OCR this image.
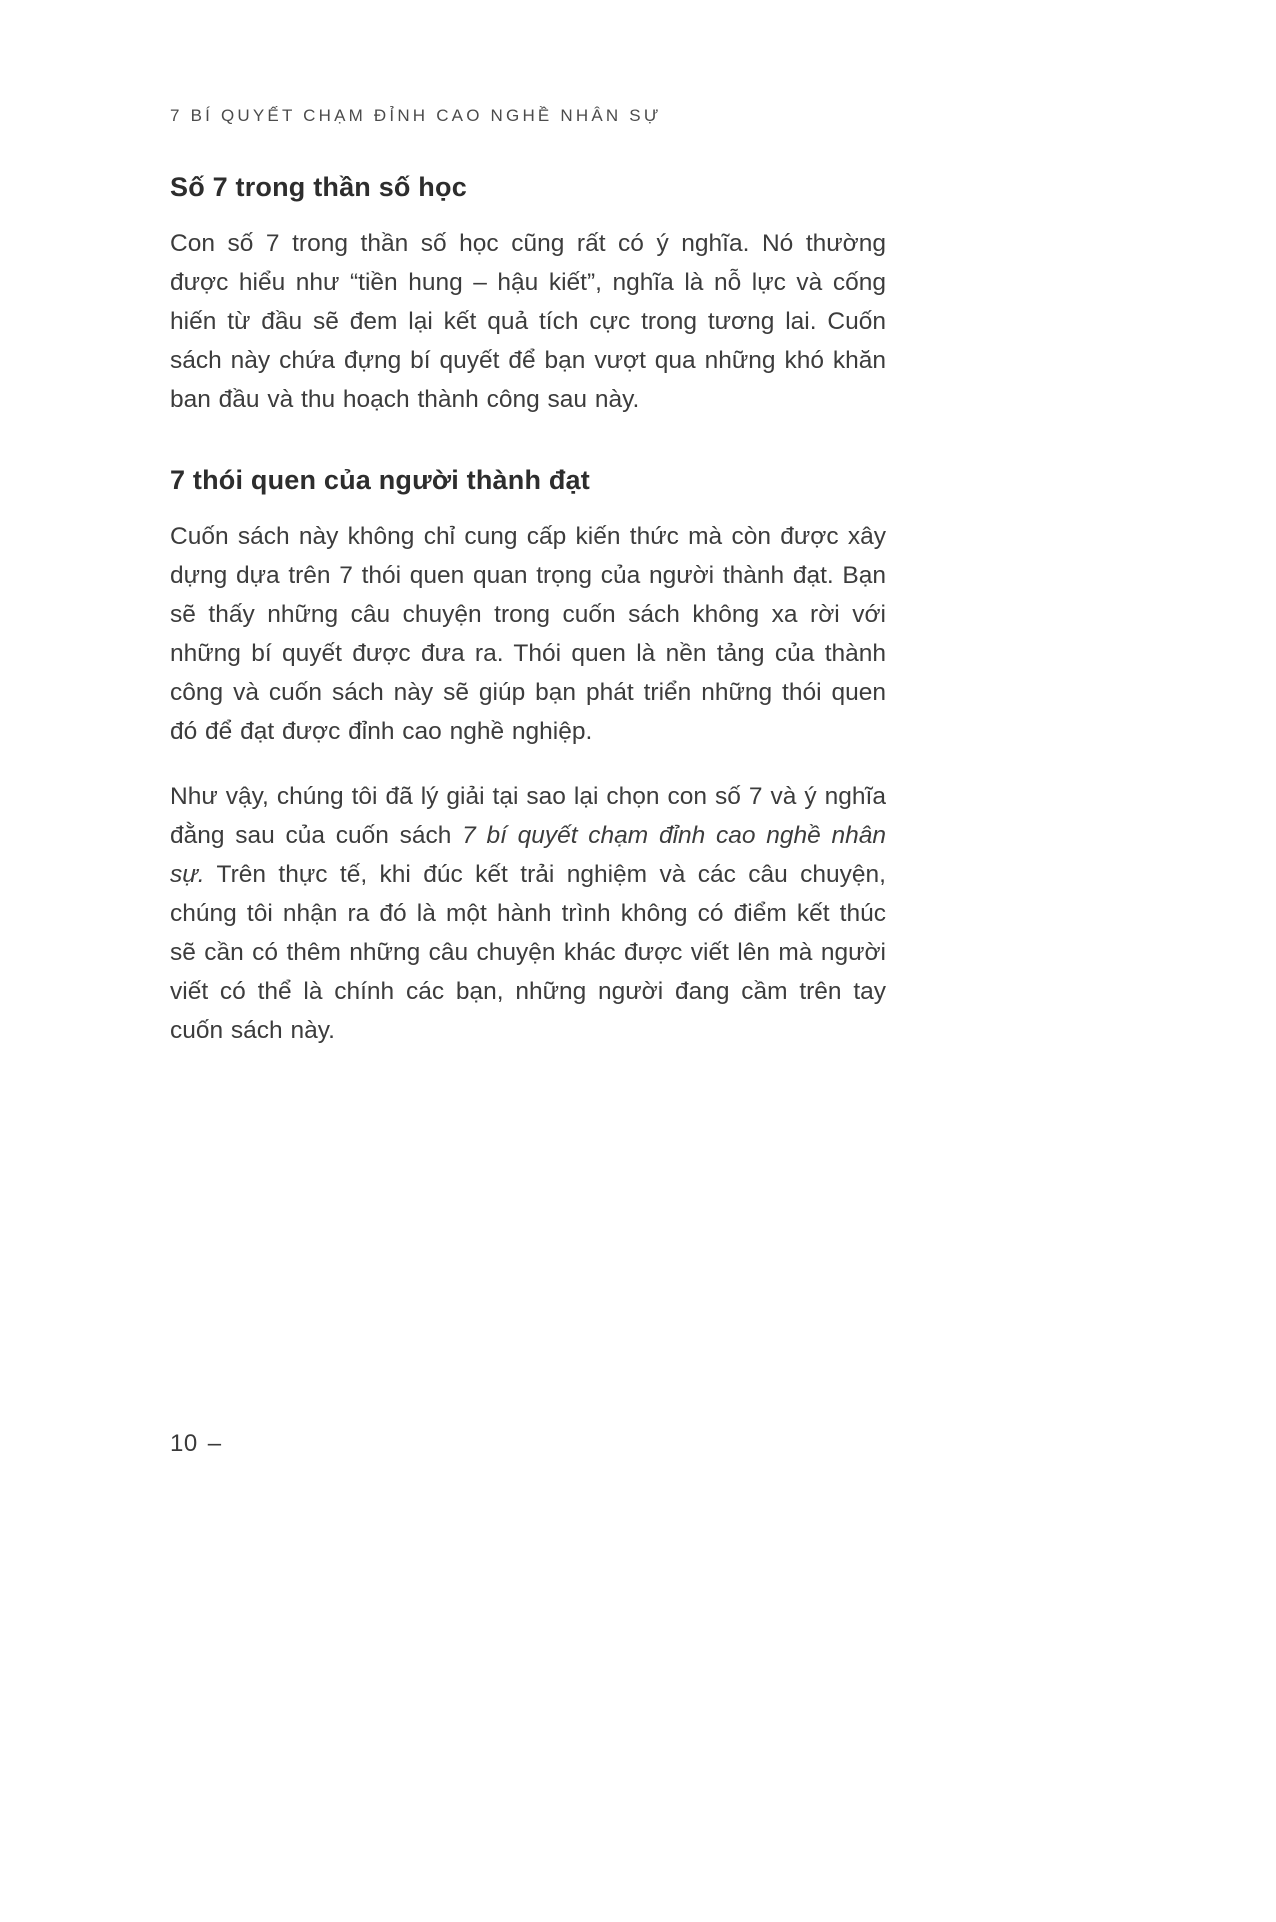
7 BÍ QUYẾT CHẠM ĐỈNH CAO NGHỀ NHÂN SỰ
Số 7 trong thần số học

Con số 7 trong thần số học cũng rất có ý nghĩa. Nó thường được hiểu như “tiền hung – hậu kiết”, nghĩa là nỗ lực và cống hiến từ đầu sẽ đem lại kết quả tích cực trong tương lai. Cuốn sách này chứa đựng bí quyết để bạn vượt qua những khó khăn ban đầu và thu hoạch thành công sau này.

7 thói quen của người thành đạt

Cuốn sách này không chỉ cung cấp kiến thức mà còn được xây dựng dựa trên 7 thói quen quan trọng của người thành đạt. Bạn sẽ thấy những câu chuyện trong cuốn sách không xa rời với những bí quyết được đưa ra. Thói quen là nền tảng của thành công và cuốn sách này sẽ giúp bạn phát triển những thói quen đó để đạt được đỉnh cao nghề nghiệp.

Như vậy, chúng tôi đã lý giải tại sao lại chọn con số 7 và ý nghĩa đằng sau của cuốn sách 7 bí quyết chạm đỉnh cao nghề nhân sự. Trên thực tế, khi đúc kết trải nghiệm và các câu chuyện, chúng tôi nhận ra đó là một hành trình không có điểm kết thúc sẽ cần có thêm những câu chuyện khác được viết lên mà người viết có thể là chính các bạn, những người đang cầm trên tay cuốn sách này.

10 –
